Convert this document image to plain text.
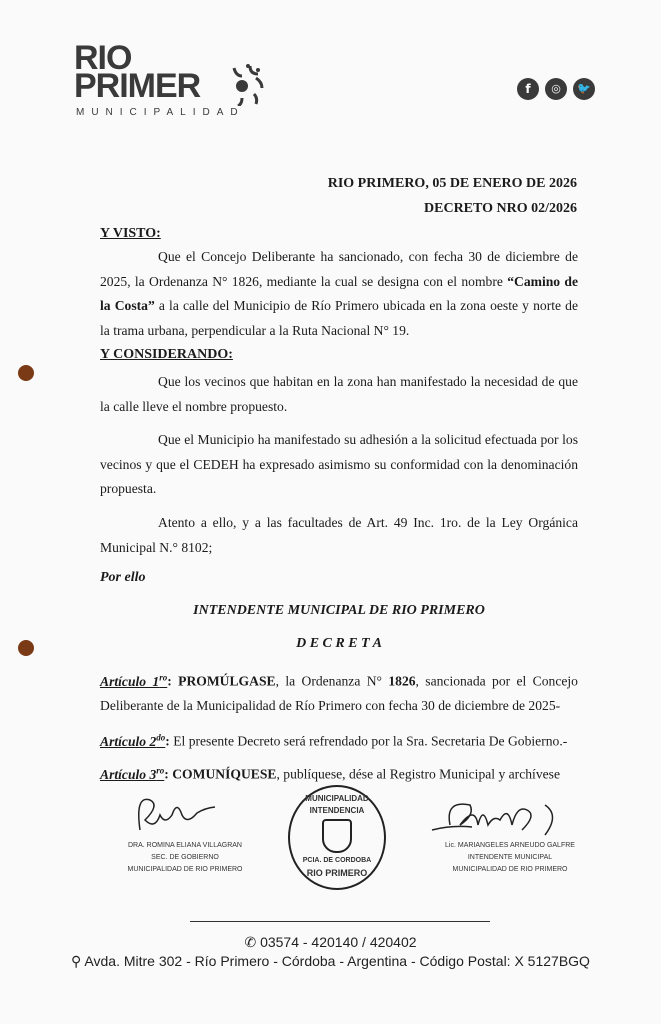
RIO
PRIMER
MUNICIPALIDAD
f	◎	🐦
RIO PRIMERO, 05 DE ENERO DE 2026
DECRETO NRO 02/2026
Y VISTO:

Que el Concejo Deliberante ha sancionado, con fecha 30 de diciembre de 2025, la Ordenanza N° 1826, mediante la cual se designa con el nombre “Camino de la Costa” a la calle del Municipio de Río Primero ubicada en la zona oeste y norte de la trama urbana, perpendicular a la Ruta Nacional N° 19.

Y CONSIDERANDO:

Que los vecinos que habitan en la zona han manifestado la necesidad de que la calle lleve el nombre propuesto.

Que el Municipio ha manifestado su adhesión a la solicitud efectuada por los vecinos y que el CEDEH ha expresado asimismo su conformidad con la denominación propuesta.

Atento a ello, y a las facultades de Art. 49 Inc. 1ro. de la Ley Orgánica Municipal N.° 8102;

Por ello
INTENDENTE MUNICIPAL DE RIO PRIMERO
D E C R E T A

Artículo $1^{ro}$: PROMÚLGASE, la Ordenanza N° 1826, sancionada por el Concejo Deliberante de la Municipalidad de Río Primero con fecha 30 de diciembre de 2025-

Artículo $2^{do}$: El presente Decreto será refrendado por la Sra. Secretaria De Gobierno.-

Artículo $3^{ro}$: COMUNÍQUESE, publíquese, dése al Registro Municipal y archívese

DRA. ROMINA ELIANA VILLAGRAN
SEC. DE GOBIERNO
MUNICIPALIDAD DE RIO PRIMERO
MUNICIPALIDAD
INTENDENCIA
PCIA. DE CORDOBA
RIO PRIMERO
Lic. MARIANGELES ARNEUDO GALFRE
INTENDENTE MUNICIPAL
MUNICIPALIDAD DE RIO PRIMERO
✆ 03574 - 420140 / 420402
⚲ Avda. Mitre 302 - Río Primero - Córdoba - Argentina - Código Postal: X 5127BGQ
